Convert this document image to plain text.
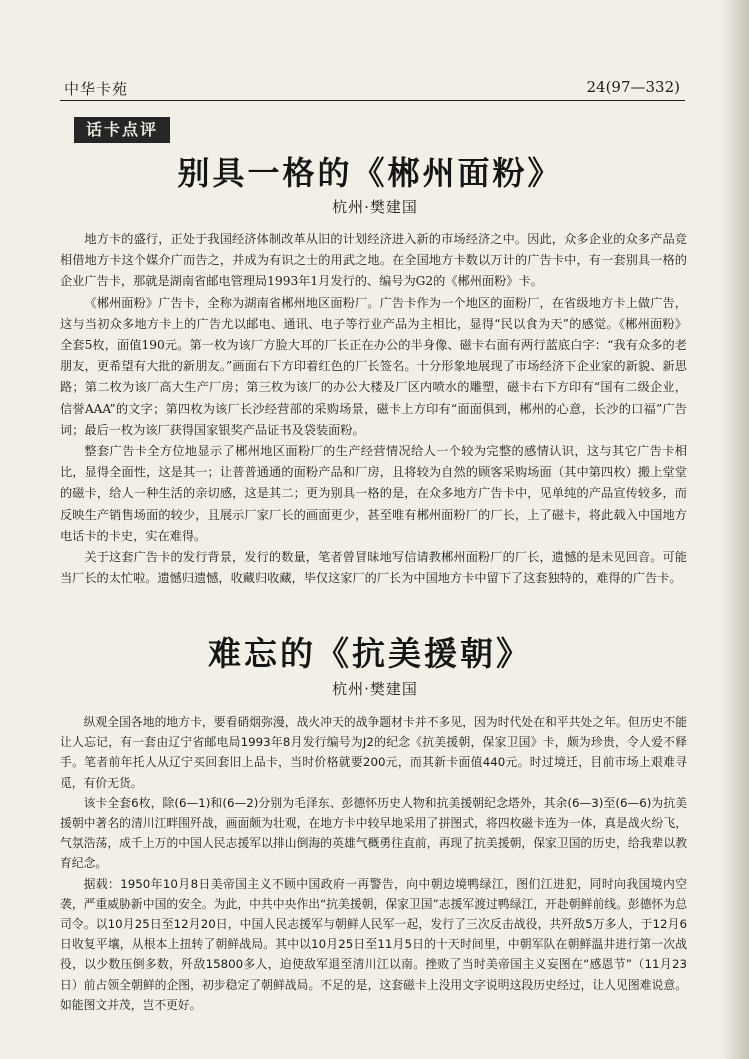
中华卡苑	24(97—332)
话卡点评
别具一格的《郴州面粉》
杭州·樊建国

地方卡的盛行，正处于我国经济体制改革从旧的计划经济进入新的市场经济之中。因此，众多企业的众多产品竞相借地方卡这个媒介广而告之，并成为有识之士的用武之地。在全国地方卡数以万计的广告卡中，有一套别具一格的企业广告卡，那就是湖南省邮电管理局1993年1月发行的、编号为G2的《郴州面粉》卡。

《郴州面粉》广告卡，全称为湖南省郴州地区面粉厂。广告卡作为一个地区的面粉厂，在省级地方卡上做广告，这与当初众多地方卡上的广告尤以邮电、通讯、电子等行业产品为主相比，显得“民以食为天”的感觉。《郴州面粉》全套5枚，面值190元。第一枚为该厂方脸大耳的厂长正在办公的半身像、磁卡右面有两行蓝底白字：“我有众多的老朋友，更希望有大批的新朋友。”画面右下方印着红色的厂长签名。十分形象地展现了市场经济下企业家的新貌、新思路；第二枚为该厂高大生产厂房；第三枚为该厂的办公大楼及厂区内喷水的雕塑，磁卡右下方印有“国有二级企业，信誉AAA”的文字；第四枚为该厂长沙经营部的采购场景，磁卡上方印有“面面俱到，郴州的心意，长沙的口福”广告词；最后一枚为该厂获得国家银奖产品证书及袋装面粉。

整套广告卡全方位地显示了郴州地区面粉厂的生产经营情况给人一个较为完整的感情认识，这与其它广告卡相比，显得全面性，这是其一；让普普通通的面粉产品和厂房，且将较为自然的顾客采购场面（其中第四枚）搬上堂堂的磁卡，给人一种生活的亲切感，这是其二；更为别具一格的是，在众多地方广告卡中，见单纯的产品宣传较多，而反映生产销售场面的较少，且展示厂家厂长的画面更少，甚至唯有郴州面粉厂的厂长，上了磁卡，将此载入中国地方电话卡的卡史，实在难得。

关于这套广告卡的发行背景，发行的数量，笔者曾冒昧地写信请教郴州面粉厂的厂长，遗憾的是未见回音。可能当厂长的太忙啦。遗憾归遗憾，收藏归收藏，毕仅这家厂的厂长为中国地方卡中留下了这套独特的，难得的广告卡。

难忘的《抗美援朝》
杭州·樊建国

纵观全国各地的地方卡，要看硝烟弥漫，战火冲天的战争题材卡并不多见，因为时代处在和平共处之年。但历史不能让人忘记，有一套由辽宁省邮电局1993年8月发行编号为J2的纪念《抗美援朝，保家卫国》卡，颇为珍贵，令人爱不释手。笔者前年托人从辽宁买回套旧上品卡，当时价格就要200元，而其新卡面值440元。时过境迁，目前市场上艰难寻觅，有价无货。

该卡全套6枚，除(6—1)和(6—2)分别为毛泽东、彭德怀历史人物和抗美援朝纪念塔外，其余(6—3)至(6—6)为抗美援朝中著名的清川江畔围歼战，画面颇为壮观，在地方卡中较早地采用了拼图式，将四枚磁卡连为一体，真是战火纷飞，气氛浩荡，成千上万的中国人民志援军以排山倒海的英雄气概勇往直前，再现了抗美援朝，保家卫国的历史，给我辈以教育纪念。

据载：1950年10月8日美帝国主义不顾中国政府一再警告，向中朝边境鸭绿江，图们江进犯，同时向我国境内空袭，严重威胁新中国的安全。为此，中共中央作出“抗美援朝，保家卫国”志援军渡过鸭绿江，开赴朝鲜前线。彭德怀为总司令。以10月25日至12月20日，中国人民志援军与朝鲜人民军一起，发行了三次反击战役，共歼敌5万多人，于12月6日收复平壤，从根本上扭转了朝鲜战局。其中以10月25日至11月5日的十天时间里，中朝军队在朝鲜温井进行第一次战役，以少数压倒多数，歼敌15800多人，迫使敌军退至清川江以南。挫败了当时美帝国主义妄图在“感恩节”（11月23日）前占领全朝鲜的企图，初步稳定了朝鲜战局。不足的是，这套磁卡上没用文字说明这段历史经过，让人见图难说意。如能图文并茂，岂不更好。
